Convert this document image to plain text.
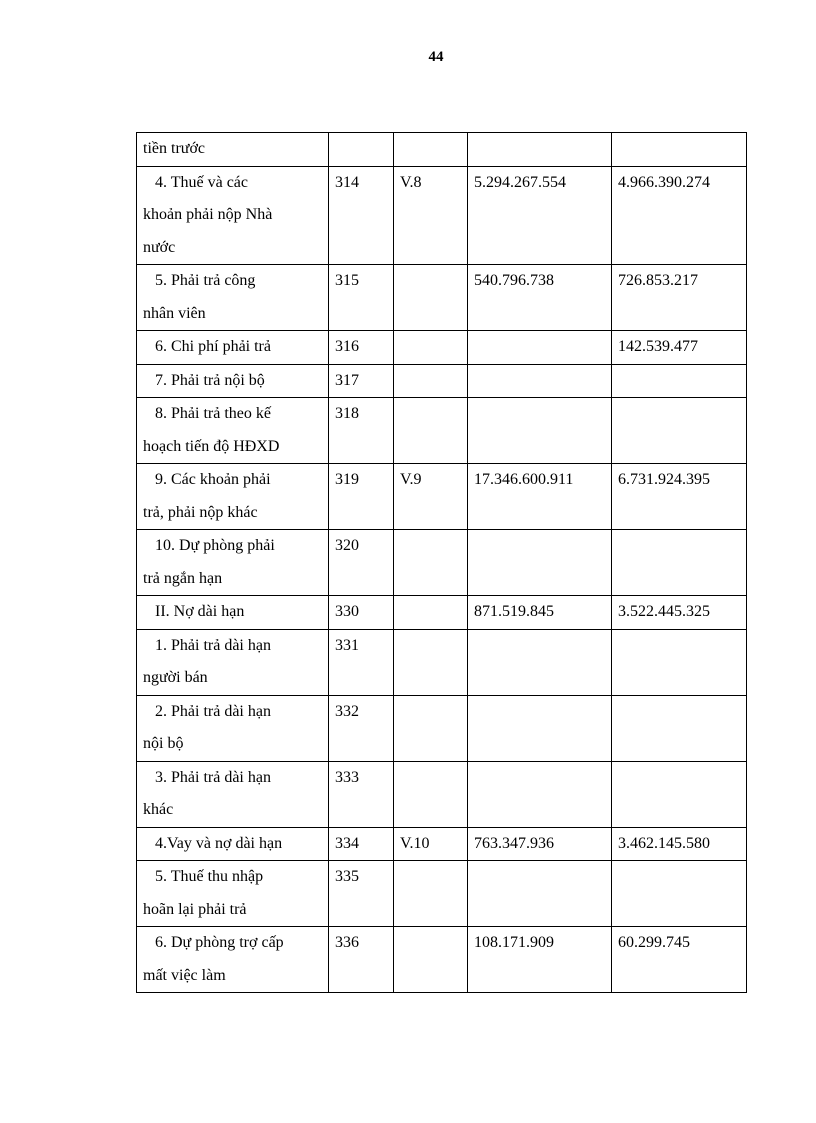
44
tiền trước				

4. Thuế và các
khoản phải nộp Nhà
nước	314	V.8	5.294.267.554	4.966.390.274

5. Phải trả công
nhân viên	315		540.796.738	726.853.217

6. Chi phí phải trả	316			142.539.477

7. Phải trả nội bộ	317			

8. Phải trả theo kế
hoạch tiến độ HĐXD	318			

9. Các khoản phải
trả, phải nộp khác	319	V.9	17.346.600.911	6.731.924.395

10. Dự phòng phải
trả ngắn hạn	320			

II. Nợ dài hạn	330		871.519.845	3.522.445.325

1. Phải trả dài hạn
người bán	331			

2. Phải trả dài hạn
nội bộ	332			

3. Phải trả dài hạn
khác	333			

4.Vay và nợ dài hạn	334	V.10	763.347.936	3.462.145.580

5. Thuế thu nhập
hoãn lại phải trả	335			

6. Dự phòng trợ cấp
mất việc làm	336		108.171.909	60.299.745
